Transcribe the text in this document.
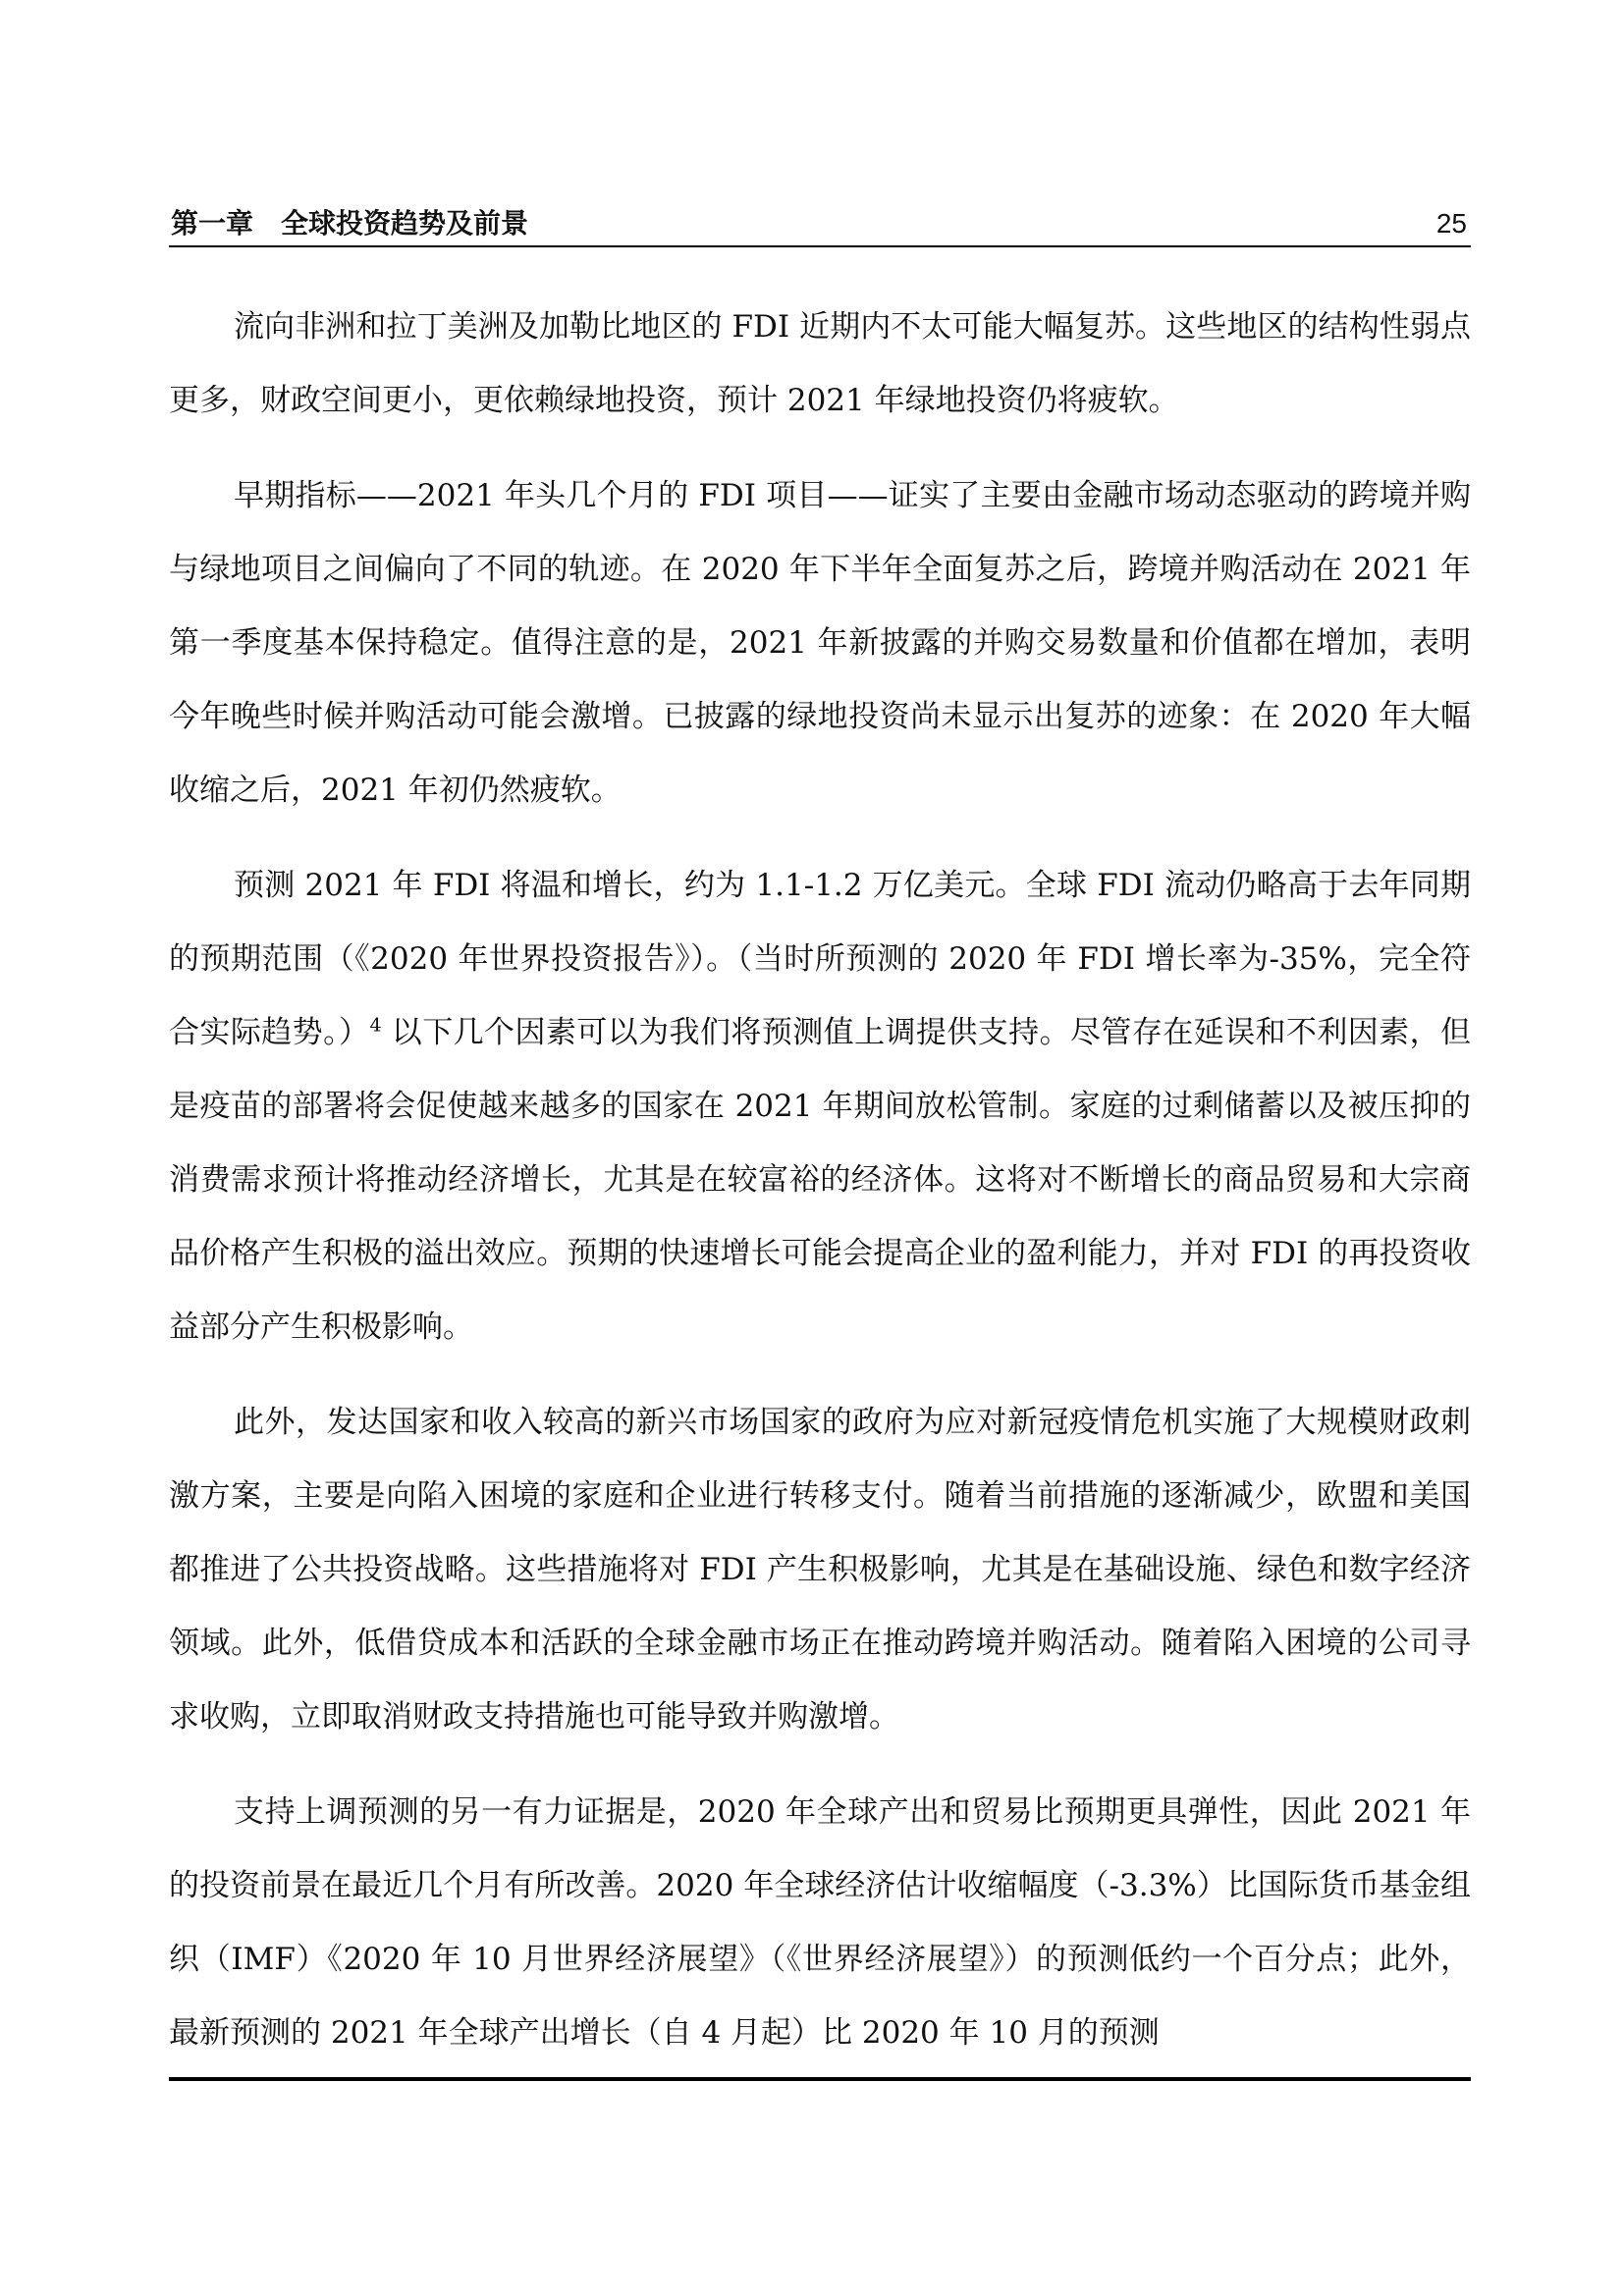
第一章　全球投资趋势及前景	25

流向非洲和拉丁美洲及加勒比地区的 FDI 近期内不太可能大幅复苏。这些地区的结构性弱点更多，财政空间更小，更依赖绿地投资，预计 2021 年绿地投资仍将疲软。

早期指标——2021 年头几个月的 FDI 项目——证实了主要由金融市场动态驱动的跨境并购与绿地项目之间偏向了不同的轨迹。在 2020 年下半年全面复苏之后，跨境并购活动在 2021 年第一季度基本保持稳定。值得注意的是，2021 年新披露的并购交易数量和价值都在增加，表明今年晚些时候并购活动可能会激增。已披露的绿地投资尚未显示出复苏的迹象：在 2020 年大幅收缩之后，2021 年初仍然疲软。

预测 2021 年 FDI 将温和增长，约为 1.1-1.2 万亿美元。全球 FDI 流动仍略高于去年同期的预期范围（《2020 年世界投资报告》）。（当时所预测的 2020 年 FDI 增长率为-35%，完全符合实际趋势。）$^4$ 以下几个因素可以为我们将预测值上调提供支持。尽管存在延误和不利因素，但是疫苗的部署将会促使越来越多的国家在 2021 年期间放松管制。家庭的过剩储蓄以及被压抑的消费需求预计将推动经济增长，尤其是在较富裕的经济体。这将对不断增长的商品贸易和大宗商品价格产生积极的溢出效应。预期的快速增长可能会提高企业的盈利能力，并对 FDI 的再投资收益部分产生积极影响。

此外，发达国家和收入较高的新兴市场国家的政府为应对新冠疫情危机实施了大规模财政刺激方案，主要是向陷入困境的家庭和企业进行转移支付。随着当前措施的逐渐减少，欧盟和美国都推进了公共投资战略。这些措施将对 FDI 产生积极影响，尤其是在基础设施、绿色和数字经济领域。此外，低借贷成本和活跃的全球金融市场正在推动跨境并购活动。随着陷入困境的公司寻求收购，立即取消财政支持措施也可能导致并购激增。

支持上调预测的另一有力证据是，2020 年全球产出和贸易比预期更具弹性，因此 2021 年的投资前景在最近几个月有所改善。2020 年全球经济估计收缩幅度（-3.3%）比国际货币基金组织（IMF）《2020 年 10 月世界经济展望》（《世界经济展望》）的预测低约一个百分点；此外，最新预测的 2021 年全球产出增长（自 4 月起）比 2020 年 10 月的预测
